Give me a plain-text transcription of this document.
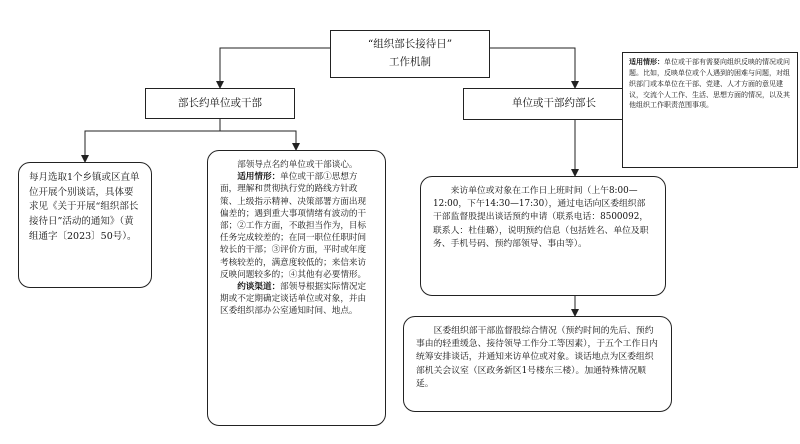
“组织部长接待日”
工作机制
部长约单位或干部	单位或干部约部长

适用情形：单位或干部有需要向组织反映的情况或问题。比如，反映单位或个人遇到的困难与问题，对组织部门或本单位在干部、党建、人才方面的意见建议，交流个人工作、生活、思想方面的情况，以及其他组织工作职责范围事项。

每月选取1个乡镇或区直单位开展个别谈话，具体要求见《关于开展“组织部长接待日”活动的通知》（黄组通字〔2023〕50号）。

部领导点名约单位或干部谈心。

适用情形：单位或干部①思想方面，理解和贯彻执行党的路线方针政策、上级指示精神、决策部署方面出现偏差的；遇到重大事项情绪有波动的干部；②工作方面，不敢担当作为，目标任务完成较差的；在同一职位任职时间较长的干部；③评价方面，平时或年度考核较差的，满意度较低的；来信来访反映问题较多的；④其他有必要情形。

约谈渠道：部领导根据实际情况定期或不定期确定谈话单位或对象，并由区委组织部办公室通知时间、地点。

来访单位或对象在工作日上班时间（上午8:00—12:00，下午14:30—17:30），通过电话向区委组织部干部监督股提出谈话预约申请（联系电话：8500092，联系人：杜佳璐），说明预约信息（包括姓名、单位及职务、手机号码、预约部领导、事由等）。

区委组织部干部监督股综合情况（预约时间的先后、预约事由的轻重缓急、接待领导工作分工等因素），于五个工作日内统筹安排谈话，并通知来访单位或对象。谈话地点为区委组织部机关会议室（区政务新区1号楼东三楼）。加通特殊情况顺延。
